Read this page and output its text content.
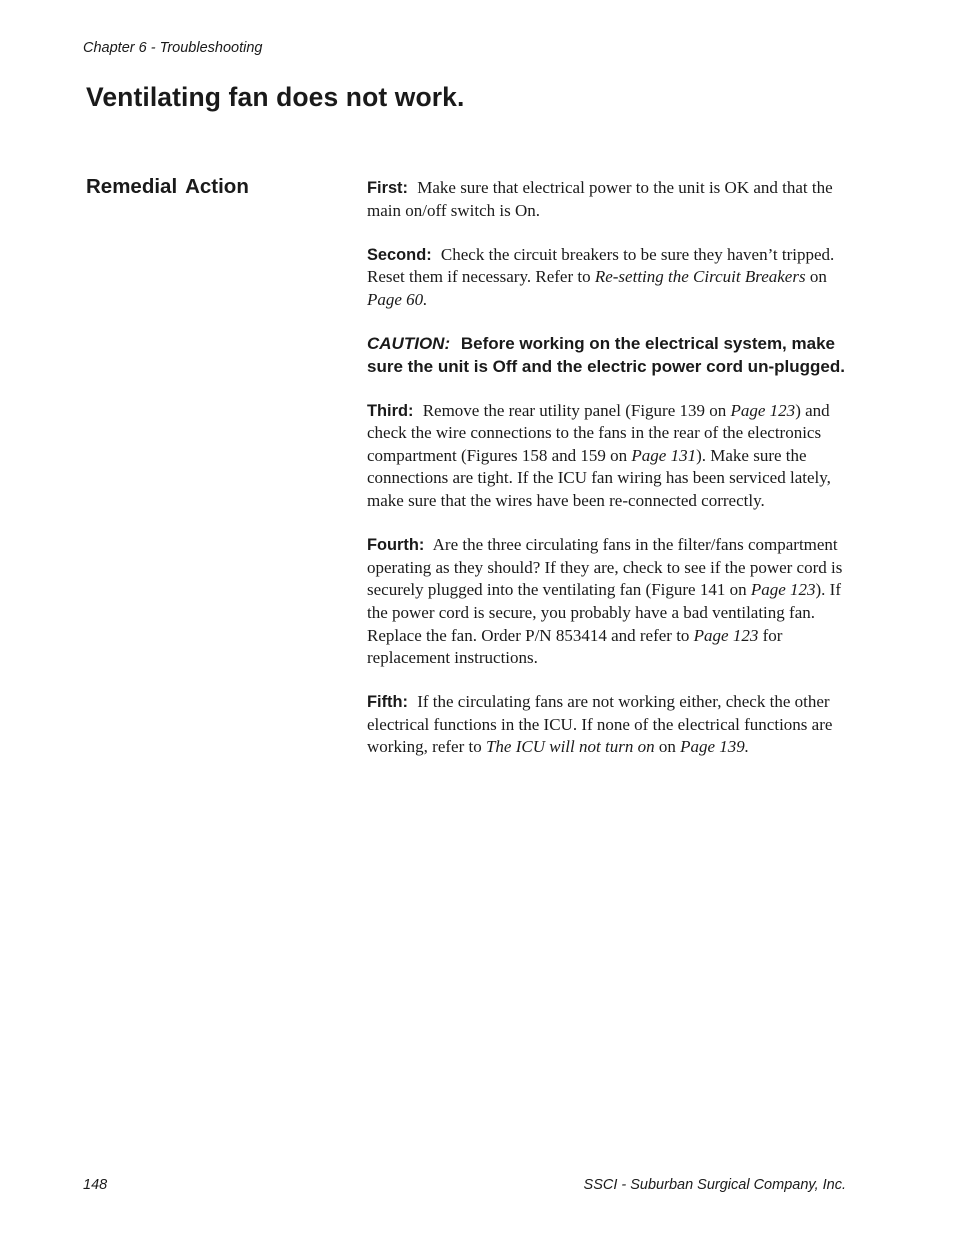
Chapter 6 - Troubleshooting
Ventilating fan does not work.
Remedial Action	First: Make sure that electrical power to the unit is OK and that the main on/off switch is On.

Second: Check the circuit breakers to be sure they haven’t tripped. Reset them if necessary. Refer to Re-setting the Circuit Breakers on Page 60.

CAUTION: Before working on the electrical system, make sure the unit is Off and the electric power cord un-plugged.

Third: Remove the rear utility panel (Figure 139 on Page 123) and check the wire connections to the fans in the rear of the electronics compartment (Figures 158 and 159 on Page 131). Make sure the connections are tight. If the ICU fan wiring has been serviced lately, make sure that the wires have been re-connected correctly.

Fourth: Are the three circulating fans in the filter/fans compartment operating as they should? If they are, check to see if the power cord is securely plugged into the ventilating fan (Figure 141 on Page 123). If the power cord is secure, you probably have a bad ventilating fan. Replace the fan. Order P/N 853414 and refer to Page 123 for replacement instructions.

Fifth: If the circulating fans are not working either, check the other electrical functions in the ICU. If none of the electrical functions are working, refer to The ICU will not turn on on Page 139.

148	SSCI - Suburban Surgical Company, Inc.
